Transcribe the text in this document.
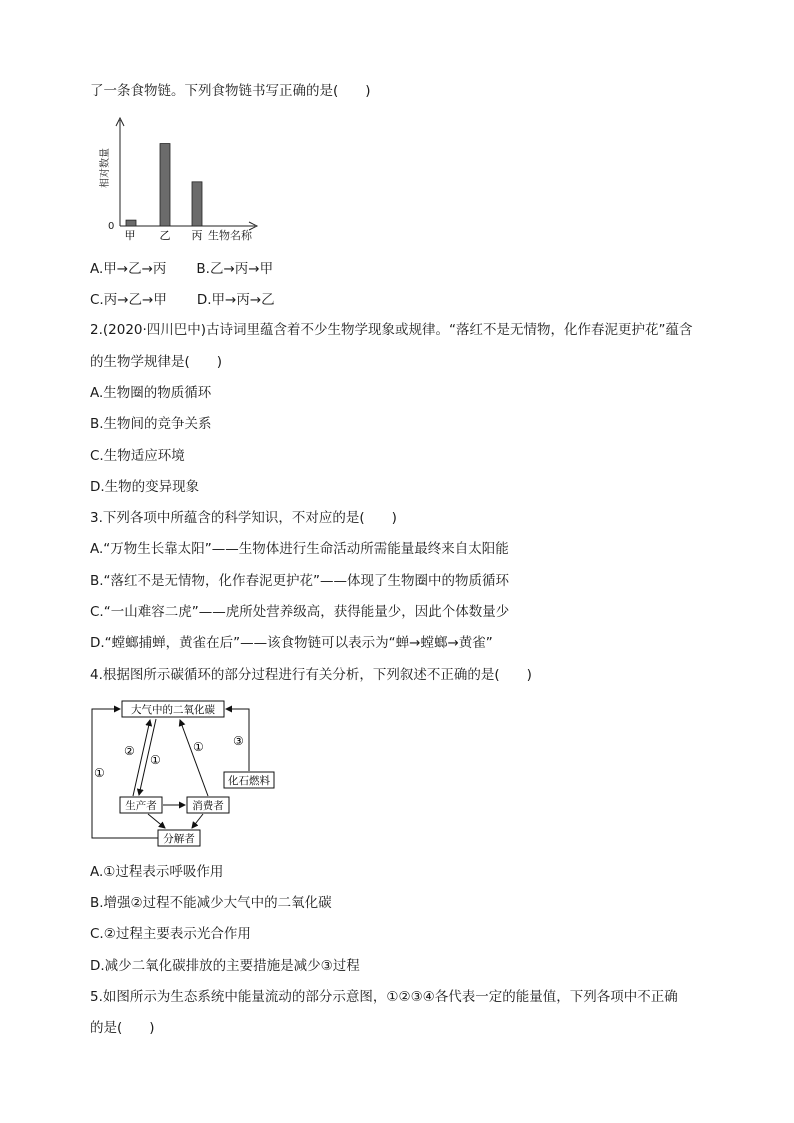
了一条食物链。下列食物链书写正确的是(　　)
相对数量
0
甲 乙 丙 生物名称
A.甲→乙→丙 B.乙→丙→甲
C.丙→乙→甲 D.甲→丙→乙
2.(2020·四川巴中)古诗词里蕴含着不少生物学现象或规律。“落红不是无情物，化作春泥更护花”蕴含
的生物学规律是(　　)
A.生物圈的物质循环
B.生物间的竞争关系
C.生物适应环境
D.生物的变异现象
3.下列各项中所蕴含的科学知识，不对应的是(　　)
A.“万物生长靠太阳”——生物体进行生命活动所需能量最终来自太阳能
B.“落红不是无情物，化作春泥更护花”——体现了生物圈中的物质循环
C.“一山难容二虎”——虎所处营养级高，获得能量少，因此个体数量少
D.“螳螂捕蝉，黄雀在后”——该食物链可以表示为“蝉→螳螂→黄雀”
4.根据图所示碳循环的部分过程进行有关分析，下列叙述不正确的是(　　)
大气中的二氧化碳
生产者	消费者
分解者
化石燃料
②
①
①
①
③
A.①过程表示呼吸作用
B.增强②过程不能减少大气中的二氧化碳
C.②过程主要表示光合作用
D.减少二氧化碳排放的主要措施是减少③过程
5.如图所示为生态系统中能量流动的部分示意图，①②③④各代表一定的能量值，下列各项中不正确
的是(　　)
